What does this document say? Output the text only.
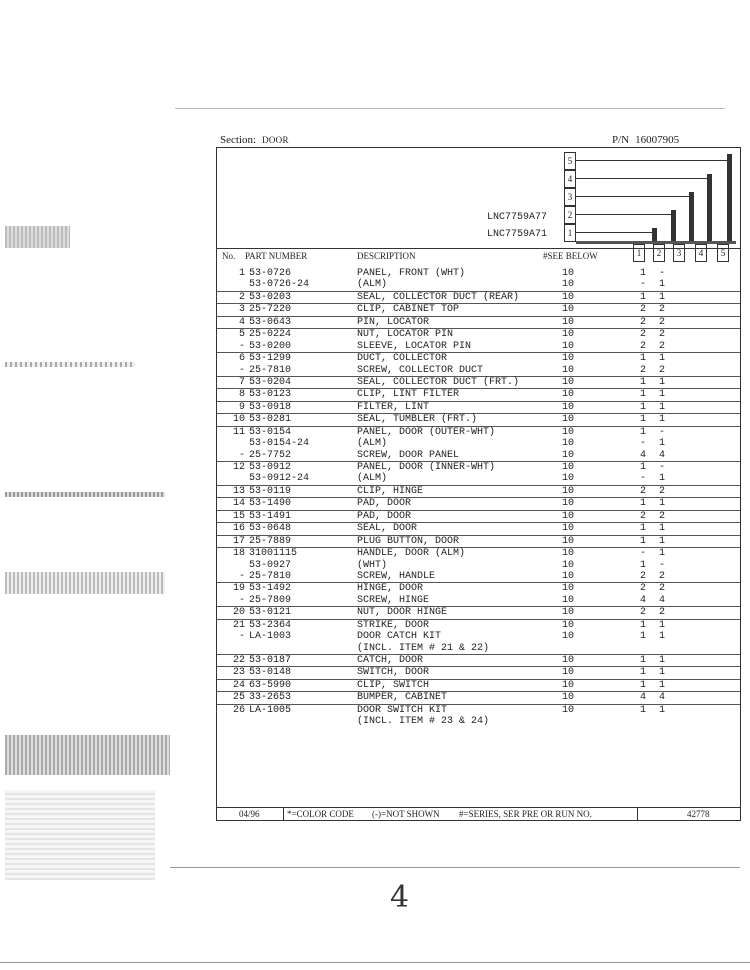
Section: DOOR	P/N 16007905
5
4
3
2
1
LNC7759A77
LNC7759A71
1	2	3	4	5
No. PART NUMBER	DESCRIPTION	#SEE BELOW
1 53-0726	PANEL, FRONT (WHT)	10	1 -
53-0726-24	(ALM)	10	- 1
2 53-0203	SEAL, COLLECTOR DUCT (REAR)	10	1 1
3 25-7220	CLIP, CABINET TOP	10	2 2
4 53-0643	PIN, LOCATOR	10	2 2
5 25-0224	NUT, LOCATOR PIN	10	2 2
- 53-0200	SLEEVE, LOCATOR PIN	10	2 2
6 53-1299	DUCT, COLLECTOR	10	1 1
- 25-7810	SCREW, COLLECTOR DUCT	10	2 2
7 53-0204	SEAL, COLLECTOR DUCT (FRT.)	10	1 1
8 53-0123	CLIP, LINT FILTER	10	1 1
9 53-0918	FILTER, LINT	10	1 1
10 53-0281	SEAL, TUMBLER (FRT.)	10	1 1
11 53-0154	PANEL, DOOR (OUTER-WHT)	10	1 -
53-0154-24	(ALM)	10	- 1
- 25-7752	SCREW, DOOR PANEL	10	4 4
12 53-0912	PANEL, DOOR (INNER-WHT)	10	1 -
53-0912-24	(ALM)	10	- 1
13 53-0119	CLIP, HINGE	10	2 2
14 53-1490	PAD, DOOR	10	1 1
15 53-1491	PAD, DOOR	10	2 2
16 53-0648	SEAL, DOOR	10	1 1
17 25-7889	PLUG BUTTON, DOOR	10	1 1
18 31001115	HANDLE, DOOR (ALM)	10	- 1
53-0927	(WHT)	10	1 -
- 25-7810	SCREW, HANDLE	10	2 2
19 53-1492	HINGE, DOOR	10	2 2
- 25-7809	SCREW, HINGE	10	4 4
20 53-0121	NUT, DOOR HINGE	10	2 2
21 53-2364	STRIKE, DOOR	10	1 1
- LA-1003	DOOR CATCH KIT	10	1 1
(INCL. ITEM # 21 & 22)
22 53-0187	CATCH, DOOR	10	1 1
23 53-0148	SWITCH, DOOR	10	1 1
24 63-5990	CLIP, SWITCH	10	1 1
25 33-2653	BUMPER, CABINET	10	4 4
26 LA-1005	DOOR SWITCH KIT	10	1 1
(INCL. ITEM # 23 & 24)
04/96	*=COLOR CODE (-)=NOT SHOWN #=SERIES, SER PRE OR RUN NO.	42778
4
